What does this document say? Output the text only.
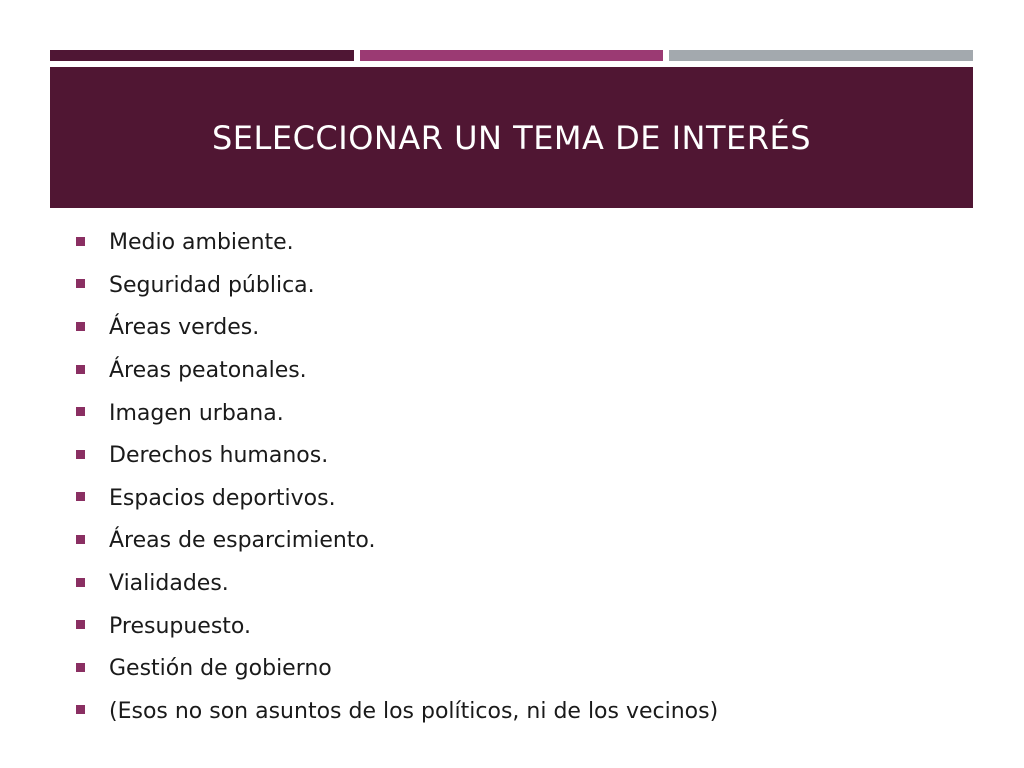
SELECCIONAR UN TEMA DE INTERÉS
Medio ambiente.
Seguridad pública.
Áreas verdes.
Áreas peatonales.
Imagen urbana.
Derechos humanos.
Espacios deportivos.
Áreas de esparcimiento.
Vialidades.
Presupuesto.
Gestión de gobierno
(Esos no son asuntos de los políticos, ni de los vecinos)
